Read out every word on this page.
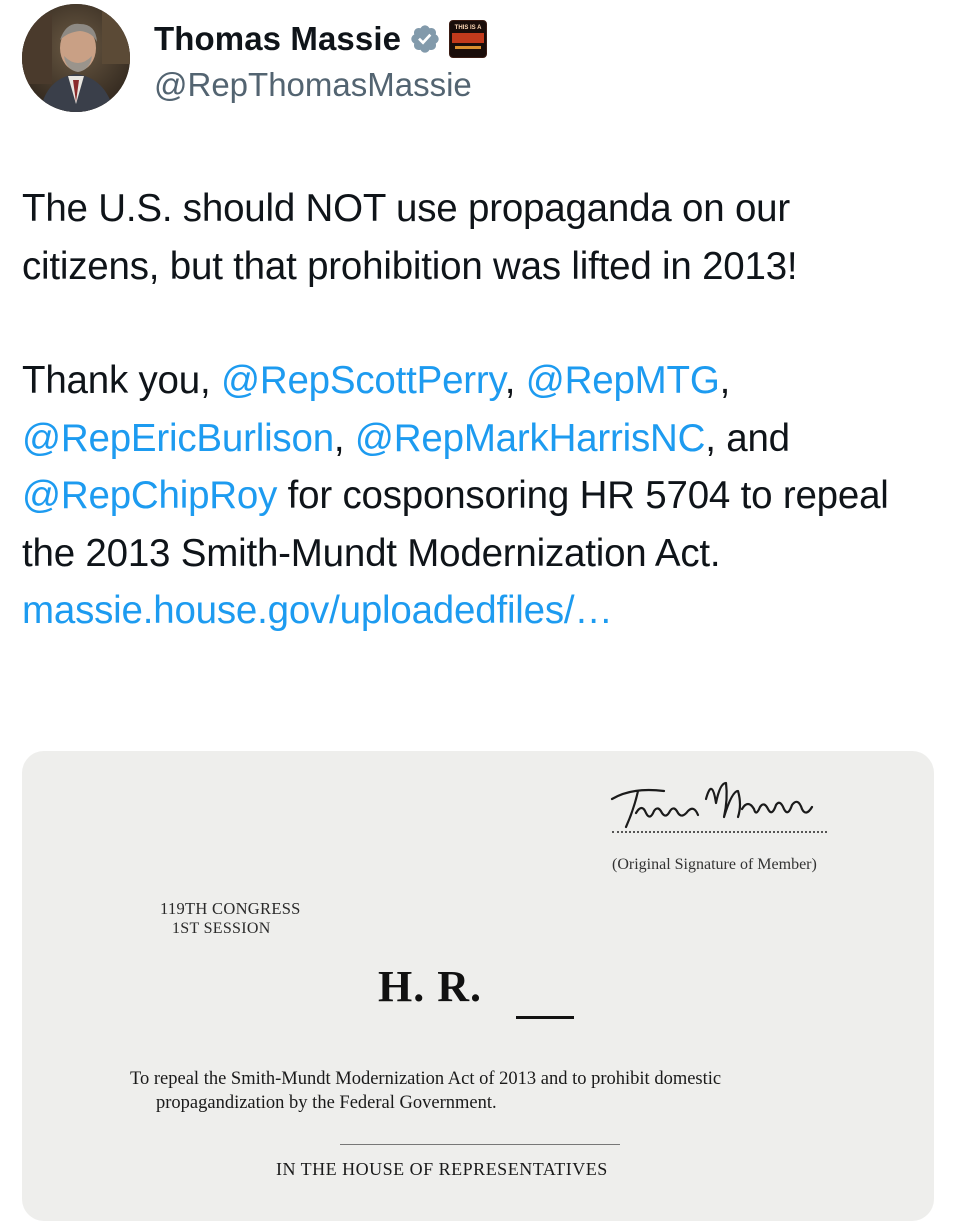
Thomas Massie	THIS IS A
@RepThomasMassie

The U.S. should NOT use propaganda on our citizens, but that prohibition was lifted in 2013!

Thank you, @RepScottPerry, @RepMTG, @RepEricBurlison, @RepMarkHarrisNC, and @RepChipRoy for cosponsoring HR 5704 to repeal the 2013 Smith-Mundt Modernization Act.
massie.house.gov/uploadedfiles/…

(Original Signature of Member)
119TH CONGRESS
1ST SESSION
H. R.
To repeal the Smith-Mundt Modernization Act of 2013 and to prohibit domestic
propagandization by the Federal Government.
IN THE HOUSE OF REPRESENTATIVES
